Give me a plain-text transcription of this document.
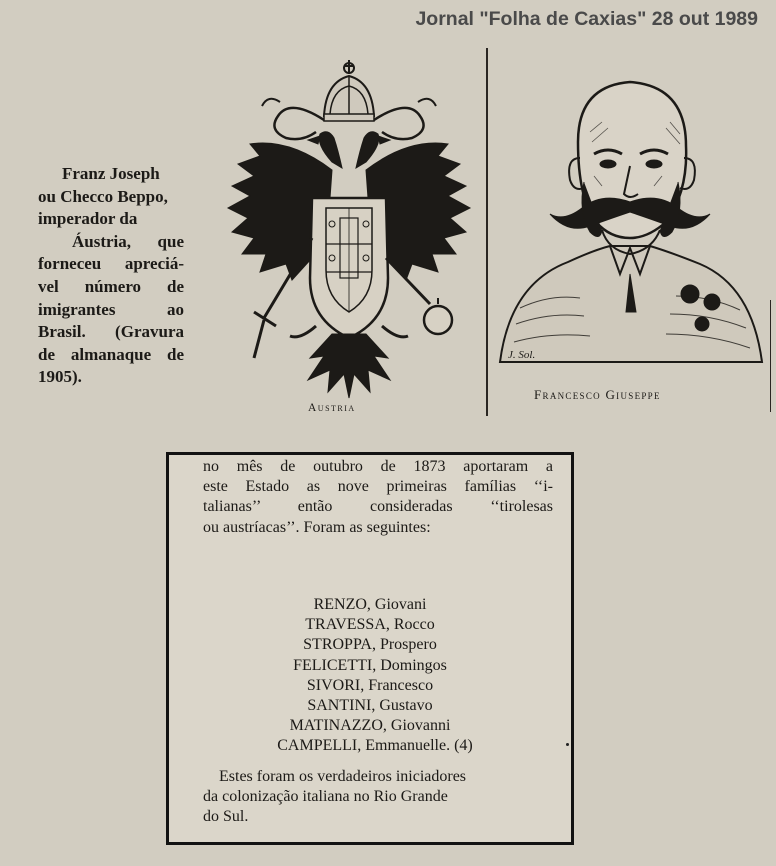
Jornal "Folha de Caxias" 28 out 1989
Franz Joseph
ou Checco Beppo,
imperador da
Áustria, que
forneceu apreciá-
vel número de
imigrantes ao
Brasil. (Gravura
de almanaque de
1905).
Austria
J. Sol.
Francesco Giuseppe

no mês de outubro de 1873 aportaram a
este Estado as nove primeiras famílias ‘‘i-
talianas’’ então consideradas ‘‘tirolesas
ou austríacas’’. Foram as seguintes:

RENZO, Giovani
TRAVESSA, Rocco
STROPPA, Prospero
FELICETTI, Domingos
SIVORI, Francesco
SANTINI, Gustavo
MATINAZZO, Giovanni
CAMPELLI, Emmanuelle. (4)

Estes foram os verdadeiros iniciadores
da colonização italiana no Rio Grande
do Sul.
